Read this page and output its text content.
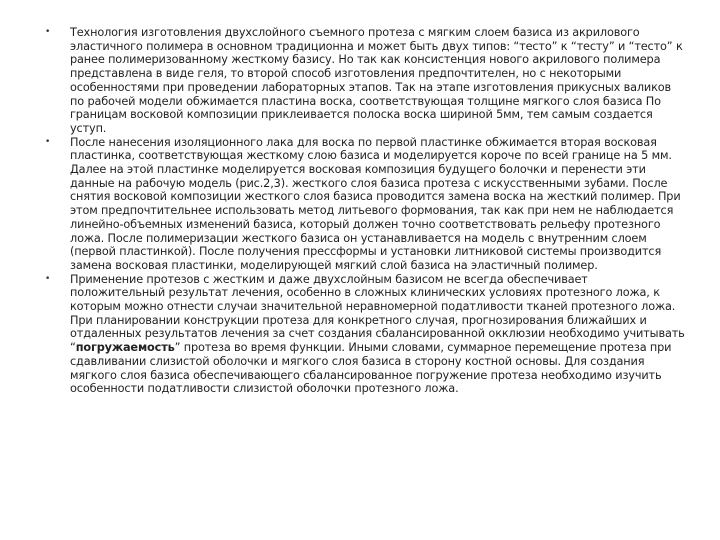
• Технология изготовления двухслойного съемного протеза с мягким слоем базиса из акрилового эластичного полимера в основном традиционна и может быть двух типов: “тесто” к “тесту” и “тесто” к ранее полимеризованному жесткому базису. Но так как консистенция нового акрилового полимера представлена в виде геля, то второй способ изготовления предпочтителен, но с некоторыми особенностями при проведении лабораторных этапов. Так на этапе изготовления прикусных валиков по рабочей модели обжимается пластина воска, соответствующая толщине мягкого слоя базиса По границам восковой композиции приклеивается полоска воска шириной 5мм, тем самым создается уступ.
• После нанесения изоляционного лака для воска по первой пластинке обжимается вторая восковая пластинка, соответствующая жесткому слою базиса и моделируется короче по всей границе на 5 мм. Далее на этой пластинке моделируется восковая композиция будущего болочки и перенести эти данные на рабочую модель (рис.2,3). жесткого слоя базиса протеза с искусственными зубами. После снятия восковой композиции жесткого слоя базиса проводится замена воска на жесткий полимер. При этом предпочтительнее использовать метод литьевого формования, так как при нем не наблюдается линейно-объемных изменений базиса, который должен точно соответствовать рельефу протезного ложа. После полимеризации жесткого базиса он устанавливается на модель с внутренним слоем (первой пластинкой). После получения прессформы и установки литниковой системы производится замена восковая пластинки, моделирующей мягкий слой базиса на эластичный полимер.
• Применение протезов с жестким и даже двухслойным базисом не всегда обеспечивает положительный результат лечения, особенно в сложных клинических условиях протезного ложа, к которым можно отнести случаи значительной неравномерной податливости тканей протезного ложа. При планировании конструкции протеза для конкретного случая, прогнозирования ближайших и отдаленных результатов лечения за счет создания сбалансированной окклюзии необходимо учитывать “погружаемость” протеза во время функции. Иными словами, суммарное перемещение протеза при сдавливании слизистой оболочки и мягкого слоя базиса в сторону костной основы. Для создания мягкого слоя базиса обеспечивающего сбалансированное погружение протеза необходимо изучить особенности податливости слизистой оболочки протезного ложа.
